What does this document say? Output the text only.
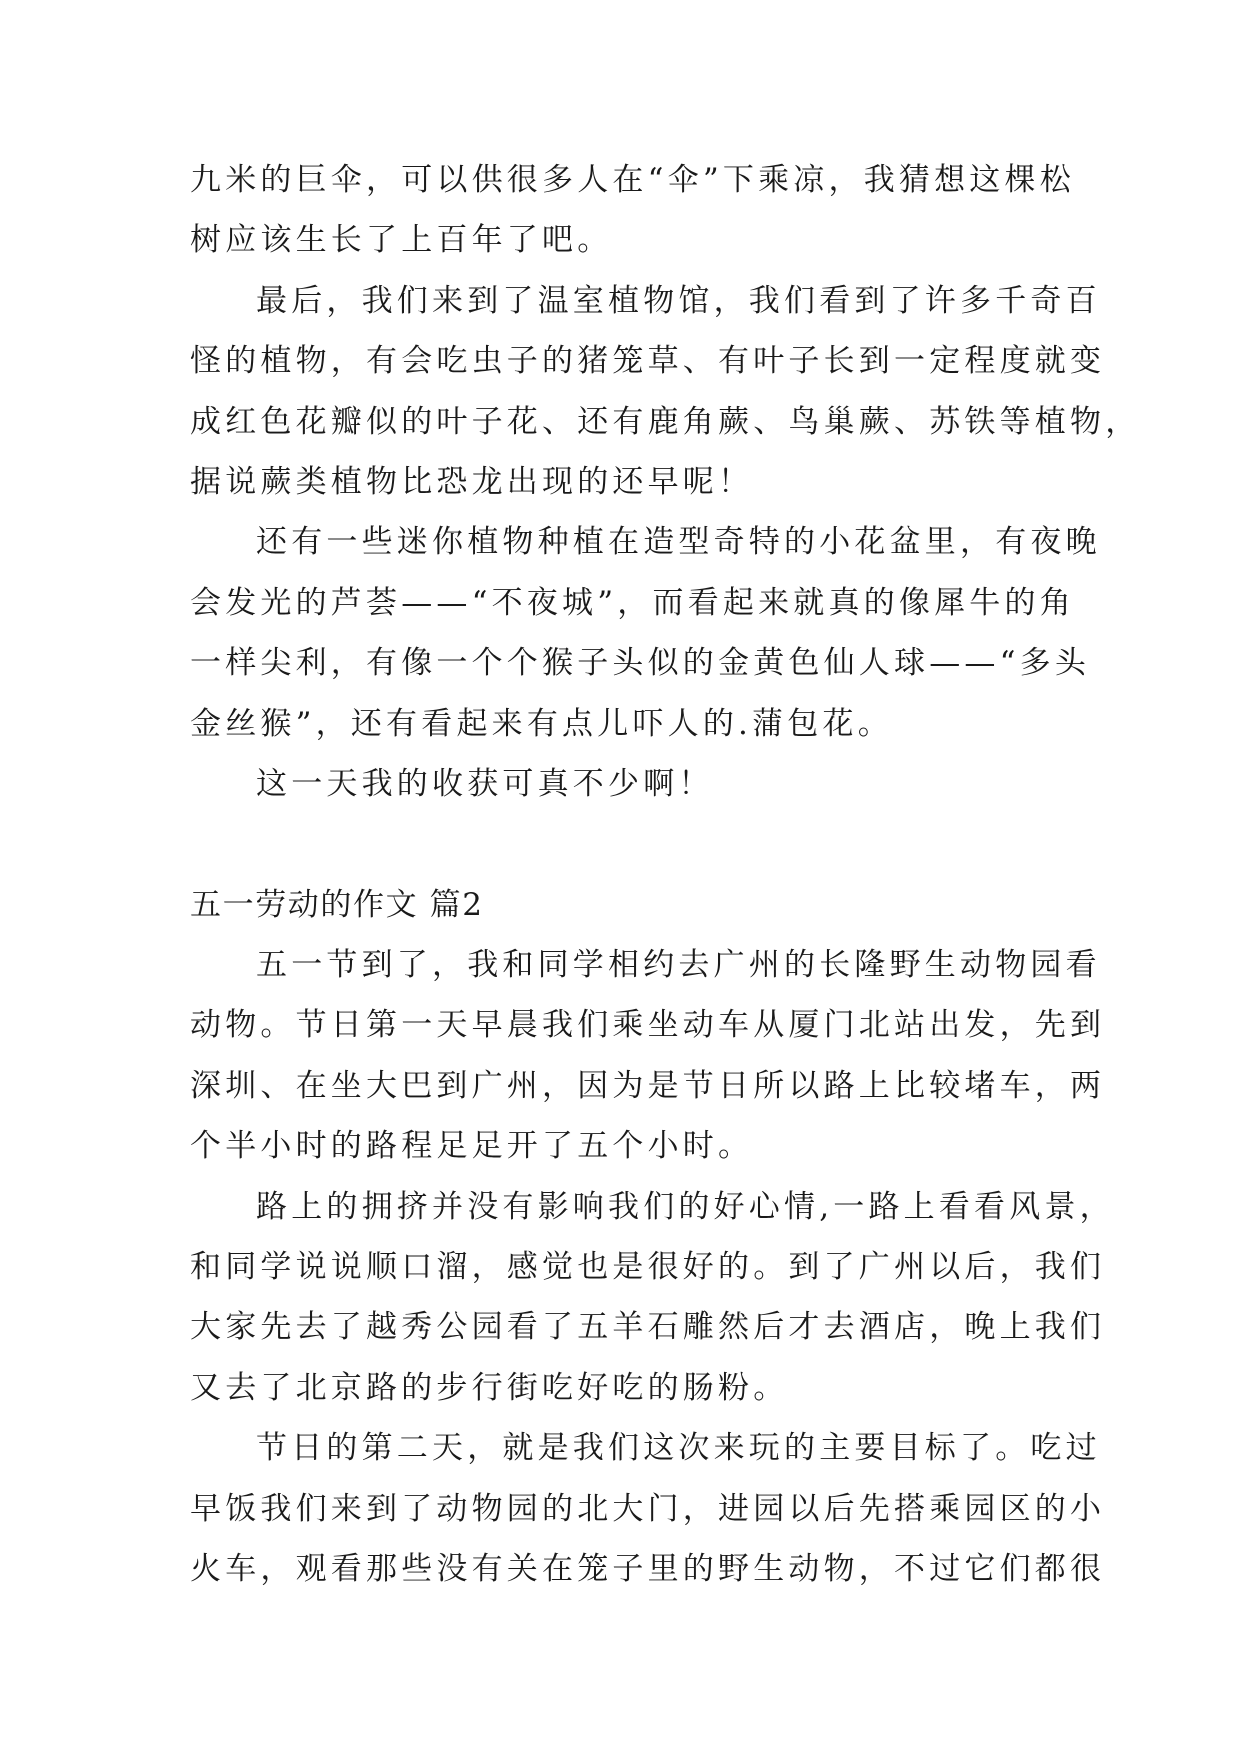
九米的巨伞，可以供很多人在“伞”下乘凉，我猜想这棵松
树应该生长了上百年了吧。
最后，我们来到了温室植物馆，我们看到了许多千奇百
怪的植物，有会吃虫子的猪笼草、有叶子长到一定程度就变
成红色花瓣似的叶子花、还有鹿角蕨、鸟巢蕨、苏铁等植物，
据说蕨类植物比恐龙出现的还早呢！
还有一些迷你植物种植在造型奇特的小花盆里，有夜晚
会发光的芦荟——“不夜城”，而看起来就真的像犀牛的角
一样尖利，有像一个个猴子头似的金黄色仙人球——“多头
金丝猴”，还有看起来有点儿吓人的.蒲包花。
这一天我的收获可真不少啊！
五一劳动的作文 篇2
五一节到了，我和同学相约去广州的长隆野生动物园看
动物。节日第一天早晨我们乘坐动车从厦门北站出发，先到
深圳、在坐大巴到广州，因为是节日所以路上比较堵车，两
个半小时的路程足足开了五个小时。
路上的拥挤并没有影响我们的好心情,一路上看看风景，
和同学说说顺口溜，感觉也是很好的。到了广州以后，我们
大家先去了越秀公园看了五羊石雕然后才去酒店，晚上我们
又去了北京路的步行街吃好吃的肠粉。
节日的第二天，就是我们这次来玩的主要目标了。吃过
早饭我们来到了动物园的北大门，进园以后先搭乘园区的小
火车，观看那些没有关在笼子里的野生动物，不过它们都很
